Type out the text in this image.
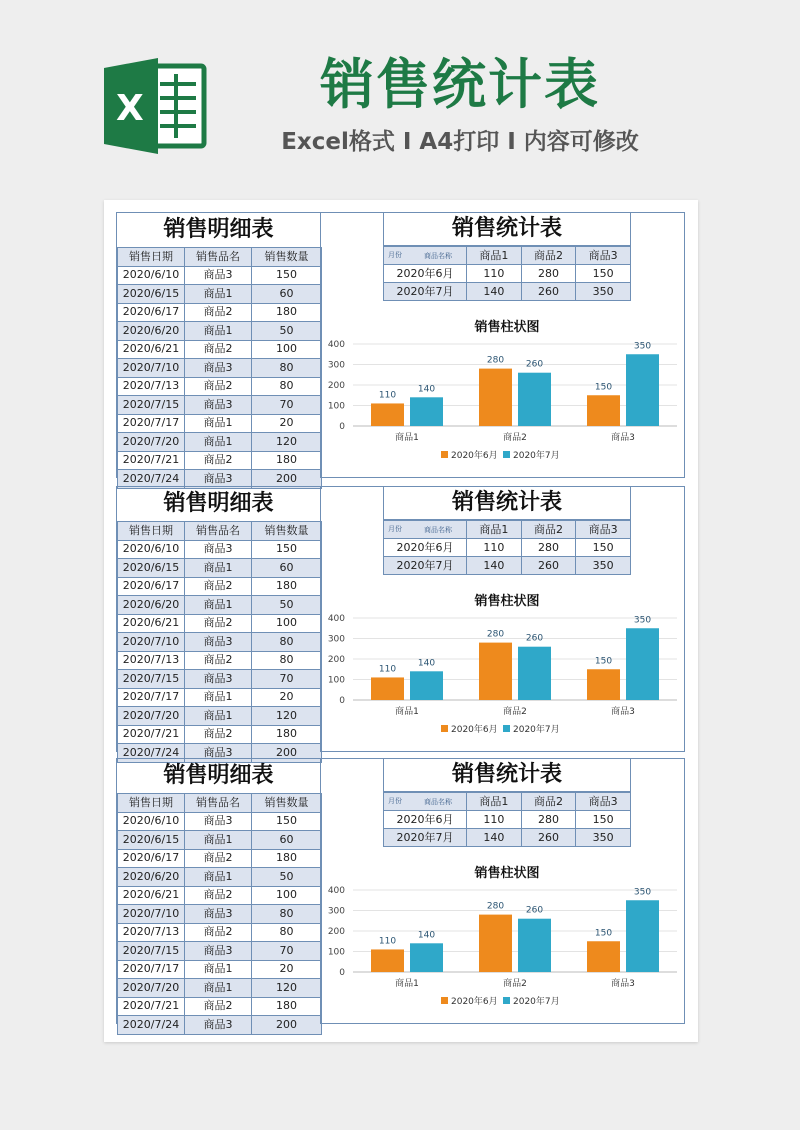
X	销售统计表
Excel格式 I A4打印 I 内容可修改
销售明细表
销售日期	销售品名	销售数量
2020/6/10	商品3	150
2020/6/15	商品1	60
2020/6/17	商品2	180
2020/6/20	商品1	50
2020/6/21	商品2	100
2020/7/10	商品3	80
2020/7/13	商品2	80
2020/7/15	商品3	70
2020/7/17	商品1	20
2020/7/20	商品1	120
2020/7/21	商品2	180
2020/7/24	商品3	200
销售统计表
商品名称
月份	商品1	商品2	商品3
2020年6月	110	280	150
2020年7月	140	260	350
销售柱状图
0
100
200
300
400
110
140
商品1
280 260
商品2
150
350
商品3
2020年6月 2020年7月
销售明细表
销售日期	销售品名	销售数量
2020/6/10	商品3	150
2020/6/15	商品1	60
2020/6/17	商品2	180
2020/6/20	商品1	50
2020/6/21	商品2	100
2020/7/10	商品3	80
2020/7/13	商品2	80
2020/7/15	商品3	70
2020/7/17	商品1	20
2020/7/20	商品1	120
2020/7/21	商品2	180
2020/7/24	商品3	200
销售统计表
商品名称
月份	商品1	商品2	商品3
2020年6月	110	280	150
2020年7月	140	260	350
销售柱状图
0
100
200
300
400
110
140
商品1
280 260
商品2
150
350
商品3
2020年6月 2020年7月
销售明细表
销售日期	销售品名	销售数量
2020/6/10	商品3	150
2020/6/15	商品1	60
2020/6/17	商品2	180
2020/6/20	商品1	50
2020/6/21	商品2	100
2020/7/10	商品3	80
2020/7/13	商品2	80
2020/7/15	商品3	70
2020/7/17	商品1	20
2020/7/20	商品1	120
2020/7/21	商品2	180
2020/7/24	商品3	200
销售统计表
商品名称
月份	商品1	商品2	商品3
2020年6月	110	280	150
2020年7月	140	260	350
销售柱状图
0
100
200
300
400
110
140
商品1
280 260
商品2
150
350
商品3
2020年6月 2020年7月
